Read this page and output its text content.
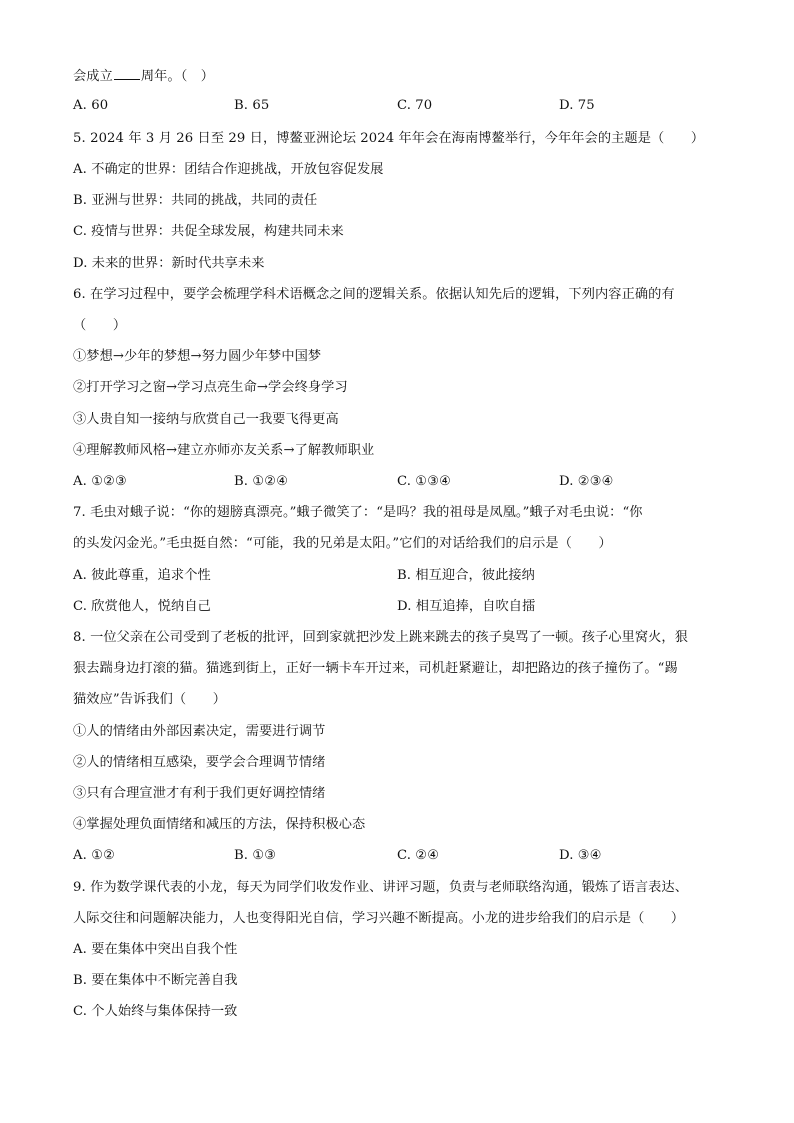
会成立 周年。（　）
A. 60	B. 65	C. 70	D. 75
5. 2024 年 3 月 26 日至 29 日，博鳌亚洲论坛 2024 年年会在海南博鳌举行，今年年会的主题是（　　）
A. 不确定的世界：团结合作迎挑战，开放包容促发展
B. 亚洲与世界：共同的挑战，共同的责任
C. 疫情与世界：共促全球发展，构建共同未来
D. 未来的世界：新时代共享未来
6. 在学习过程中，要学会梳理学科术语概念之间的逻辑关系。依据认知先后的逻辑，下列内容正确的有
（　　）
①梦想→少年的梦想→努力圆少年梦中国梦
②打开学习之窗→学习点亮生命→学会终身学习
③人贵自知一接纳与欣赏自己一我要飞得更高
④理解教师风格→建立亦师亦友关系→了解教师职业
A. ①②③	B. ①②④	C. ①③④	D. ②③④
7. 毛虫对蛾子说：“你的翅膀真漂亮。”蛾子微笑了：“是吗？我的祖母是凤凰。”蛾子对毛虫说：“你
的头发闪金光。”毛虫挺自然：“可能，我的兄弟是太阳。”它们的对话给我们的启示是（　　）
A. 彼此尊重，追求个性	B. 相互迎合，彼此接纳
C. 欣赏他人，悦纳自己	D. 相互追捧，自吹自擂
8. 一位父亲在公司受到了老板的批评，回到家就把沙发上跳来跳去的孩子臭骂了一顿。孩子心里窝火，狠
狠去踹身边打滚的猫。猫逃到街上，正好一辆卡车开过来，司机赶紧避让，却把路边的孩子撞伤了。“踢
猫效应”告诉我们（　　）
①人的情绪由外部因素决定，需要进行调节
②人的情绪相互感染，要学会合理调节情绪
③只有合理宣泄才有利于我们更好调控情绪
④掌握处理负面情绪和减压的方法，保持积极心态
A. ①②	B. ①③	C. ②④	D. ③④
9. 作为数学课代表的小龙，每天为同学们收发作业、讲评习题，负责与老师联络沟通，锻炼了语言表达、
人际交往和问题解决能力，人也变得阳光自信，学习兴趣不断提高。小龙的进步给我们的启示是（　　）
A. 要在集体中突出自我个性
B. 要在集体中不断完善自我
C. 个人始终与集体保持一致
